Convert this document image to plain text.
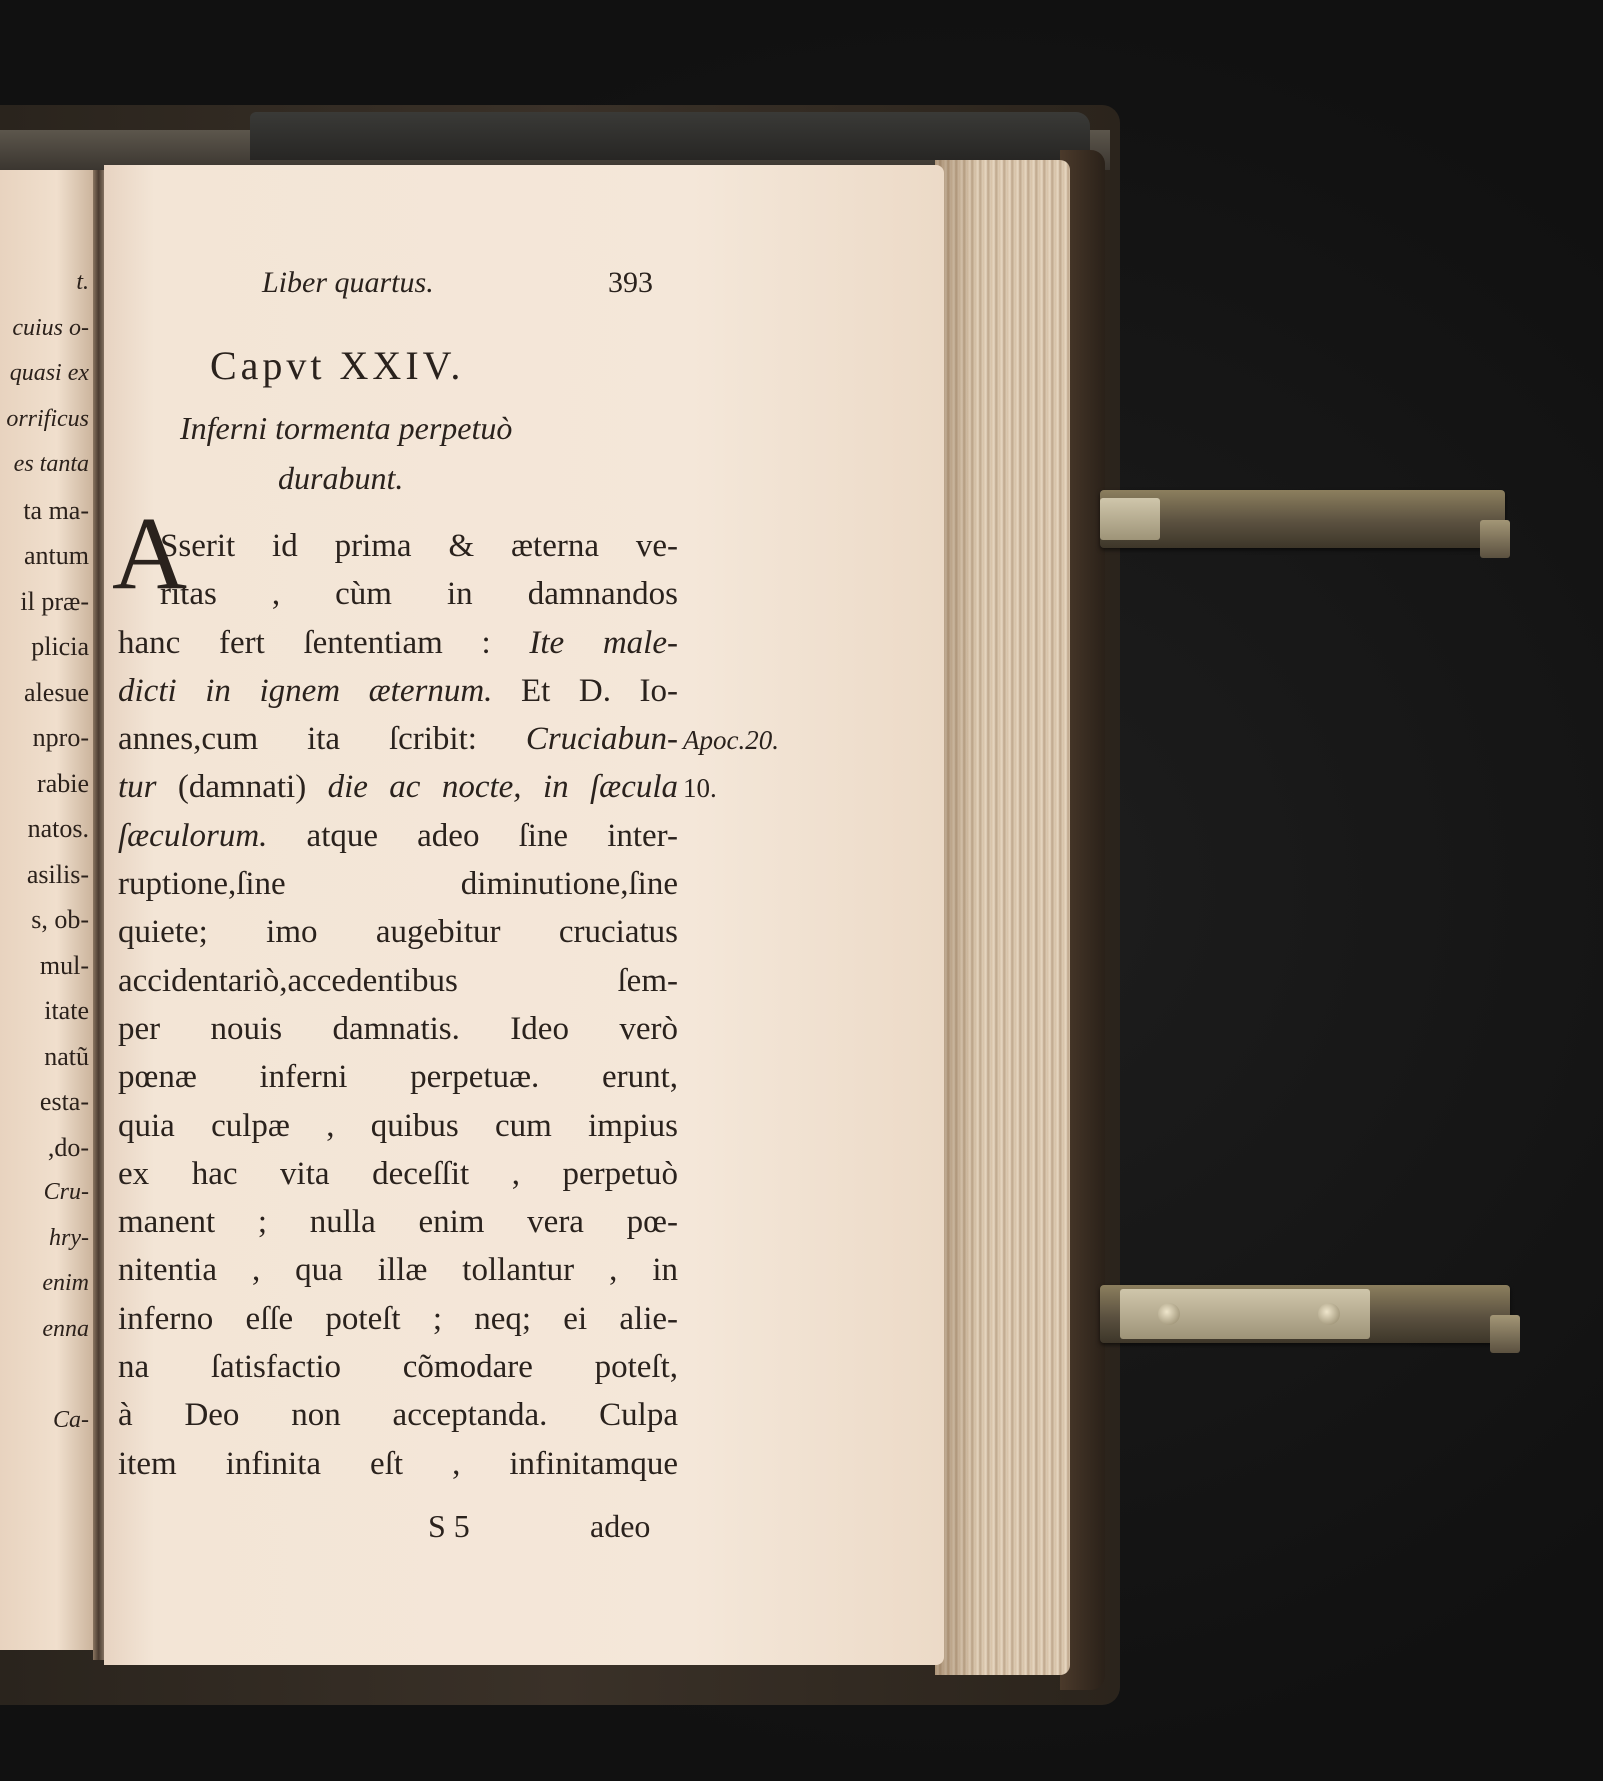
t.
cuius o-
quasi ex
orrificus
es tanta
ta ma-
antum
il præ-
plicia
alesue
npro-
rabie
natos.
asilis-
s, ob-
mul-
itate
natũ
esta-
,do-
Cru-
hry-
enim
enna
Ca-
Liber quartus.	393
Capvt XXIV.
Inferni tormenta perpetuò
durabunt.
A
Sserit id prima & æterna ve-
ritas , cùm in damnandos
hanc fert ſententiam : Ite male-
dicti in ignem æternum. Et D. Io-
annes,cum ita ſcribit: Cruciabun-
tur (damnati) die ac nocte, in ſæcula
ſæculorum. atque adeo ſine inter-
ruptione,ſine diminutione,ſine
quiete; imo augebitur cruciatus
accidentariò,accedentibus ſem-
per nouis damnatis. Ideo verò
pœnæ inferni perpetuæ. erunt,
quia culpæ , quibus cum impius
ex hac vita deceſſit , perpetuò
manent ; nulla enim vera pœ-
nitentia , qua illæ tollantur , in
inferno eſſe poteſt ; neq; ei alie-
na ſatisfactio cõmodare poteſt,
à Deo non acceptanda. Culpa
item infinita eſt , infinitamque
Apoc.20.
10.
S 5	adeo
